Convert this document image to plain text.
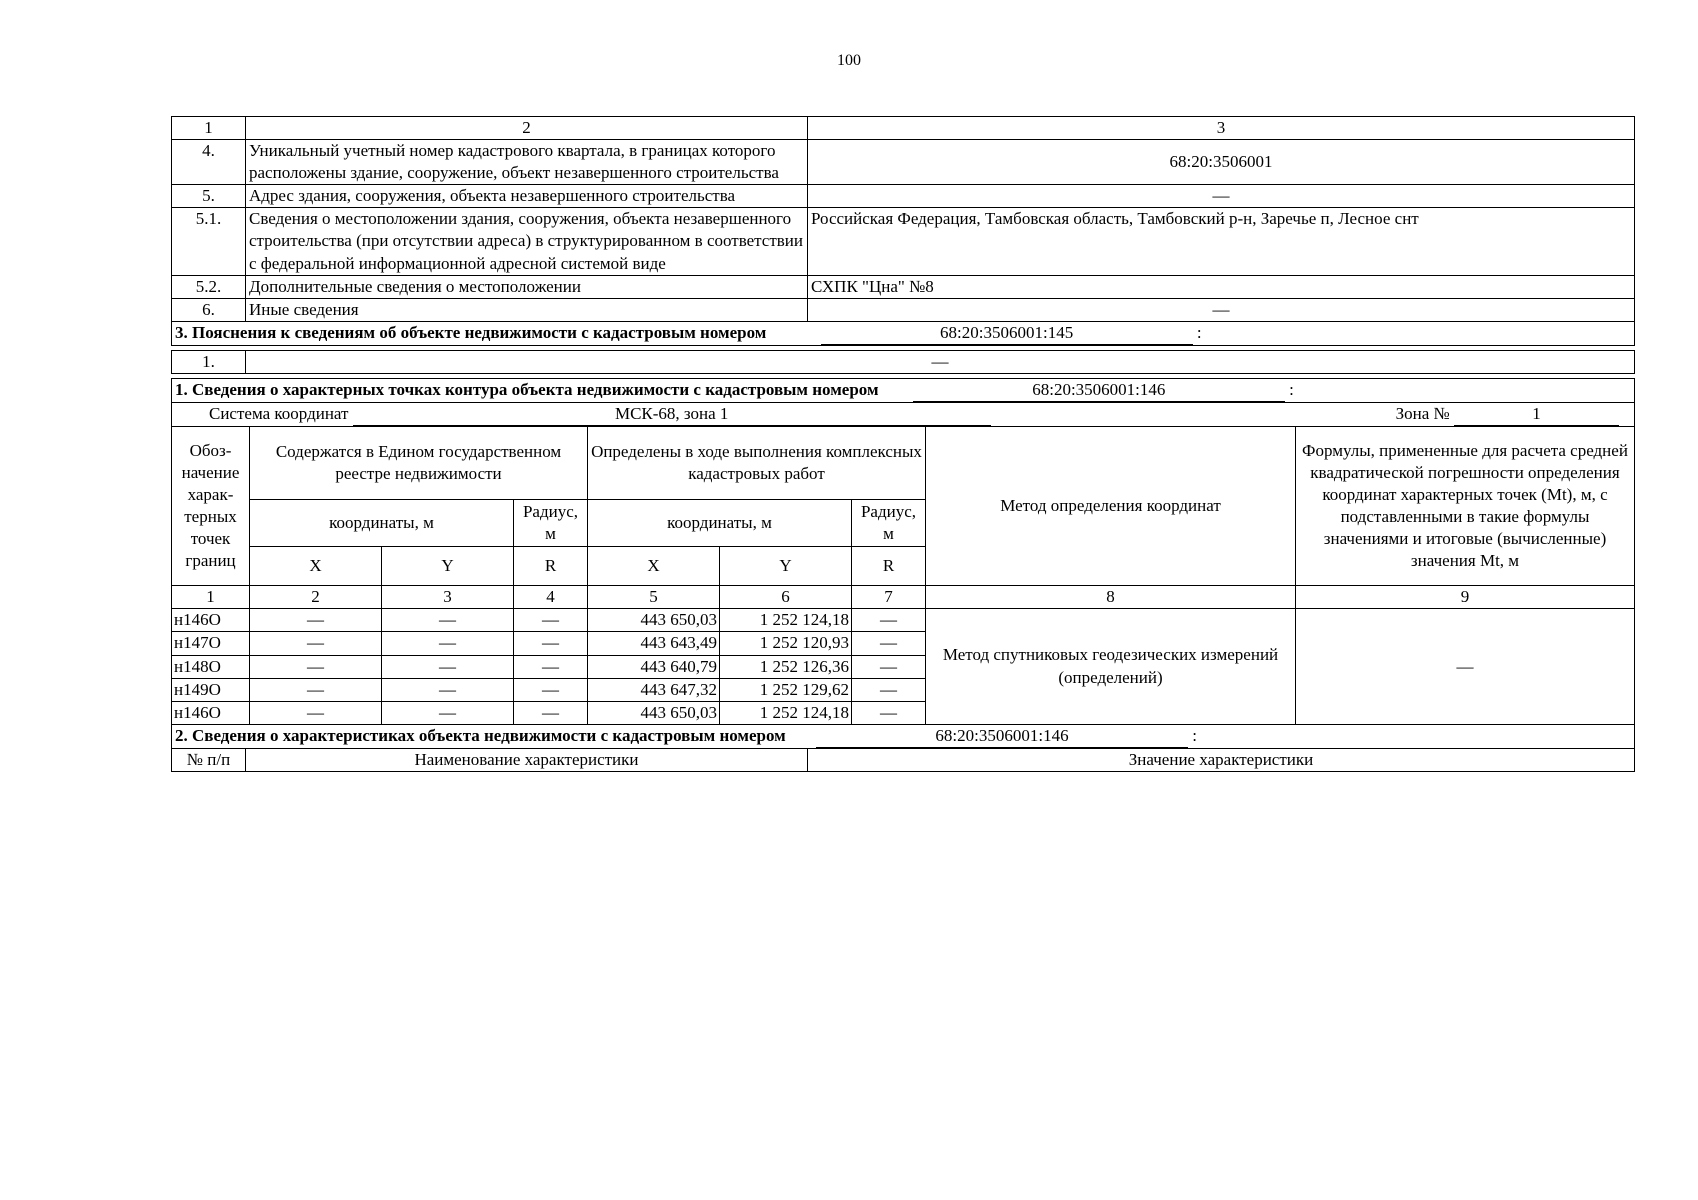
100
1	2	3
4.	Уникальный учетный номер кадастрового квартала, в границах которого расположены здание, сооружение, объект незавершенного строительства	68:20:3506001
5.	Адрес здания, сооружения, объекта незавершенного строительства	—
5.1.	Сведения о местоположении здания, сооружения, объекта незавершенного строительства (при отсутствии адреса) в структурированном в соответствии с федеральной информационной адресной системой виде	Российская Федерация, Тамбовская область, Тамбовский р-н, Заречье п, Лесное снт
5.2.	Дополнительные сведения о местоположении	СХПК "Цна" №8
6.	Иные сведения	—
3. Пояснения к сведениям об объекте недвижимости с кадастровым номером 68:20:3506001:145 :		
1.	—
1. Сведения о характерных точках контура объекта недвижимости с кадастровым номером 68:20:3506001:146 :								
Система координат МСК-68, зона 1 Зона № 1								

Обоз-начение харак-терных точек границ	Содержатся в Едином государственном реестре недвижимости			Определены в ходе выполнения комплексных кадастровых работ			Метод определения координат	Формулы, примененные для расчета средней квадратической погрешности определения координат характерных точек (Mt), м, с подставленными в такие формулы значениями и итоговые (вычисленные) значения Mt, м
	координаты, м		Радиус, м	координаты, м		Радиус, м		
	X	Y	R	X	Y	R		
1	2	3	4	5	6	7	8	9
н146О	—	—	—	443 650,03	1 252 124,18	—	Метод спутниковых геодезических измерений (определений)	—
н147О	—	—	—	443 643,49	1 252 120,93	—		
н148О	—	—	—	443 640,79	1 252 126,36	—		
н149О	—	—	—	443 647,32	1 252 129,62	—		
н146О	—	—	—	443 650,03	1 252 124,18	—		
2. Сведения о характеристиках объекта недвижимости с кадастровым номером	68:20:3506001:146	:
№ п/п	Наименование характеристики	Значение характеристики
